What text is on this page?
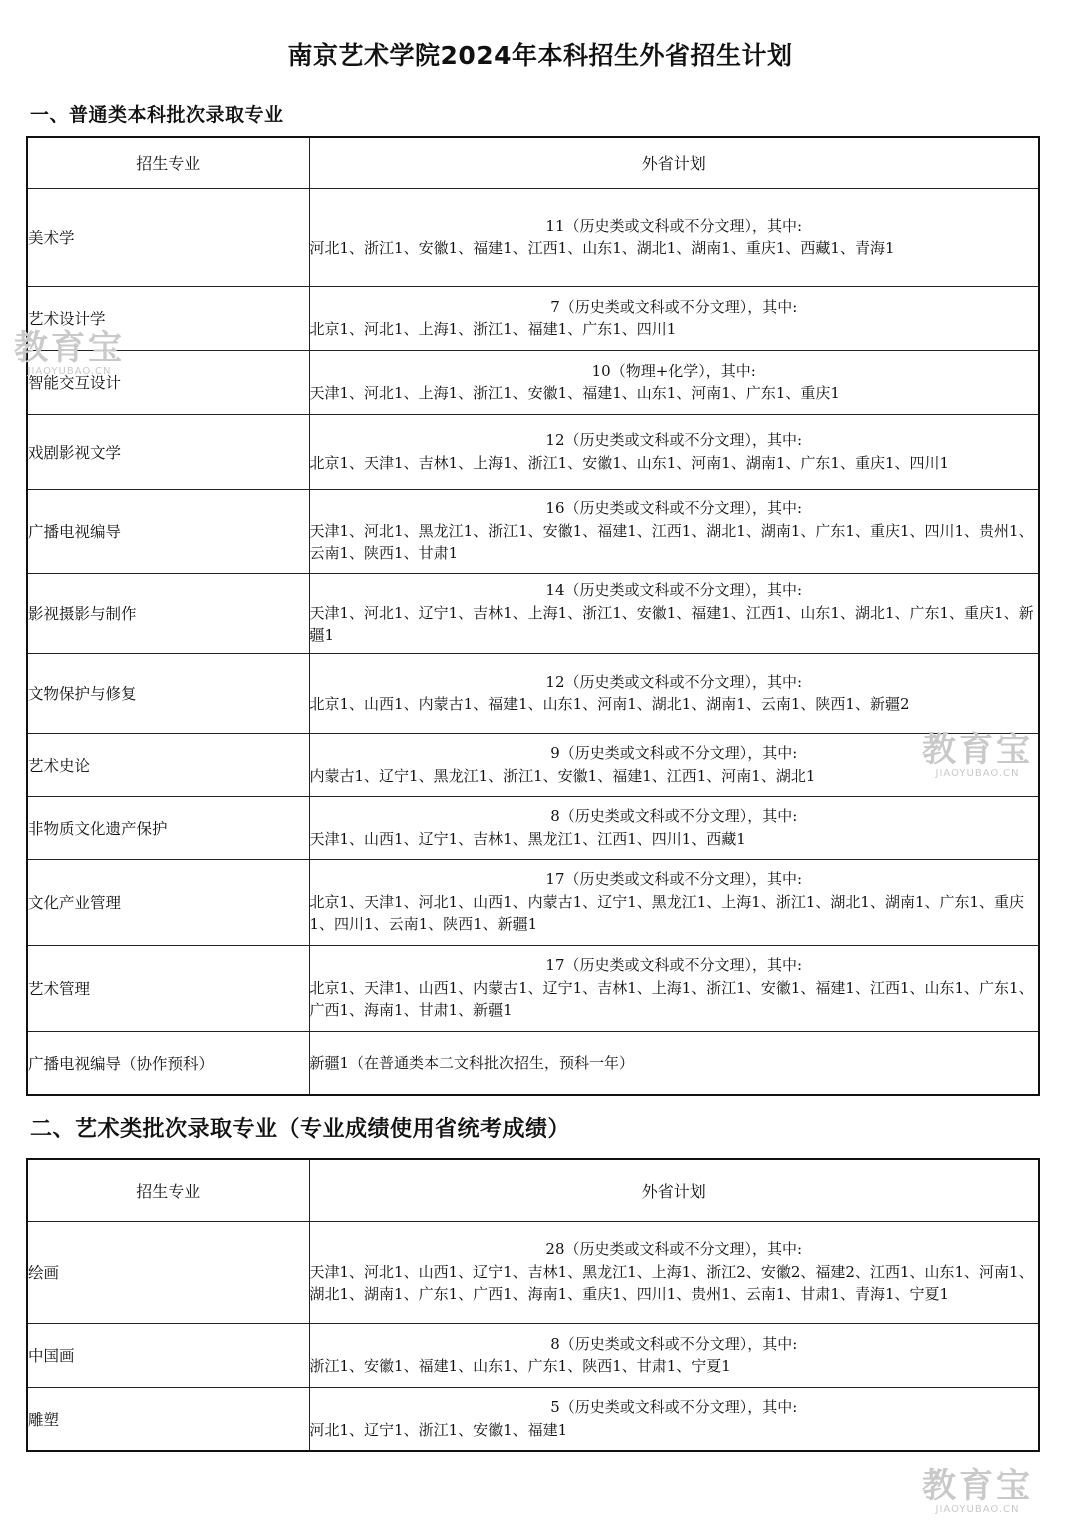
南京艺术学院2024年本科招生外省招生计划
一、普通类本科批次录取专业
招生专业	外省计划
美术学	11（历史类或文科或不分文理），其中:
河北1、浙江1、安徽1、福建1、江西1、山东1、湖北1、湖南1、重庆1、西藏1、青海1

艺术设计学	7（历史类或文科或不分文理），其中:
北京1、河北1、上海1、浙江1、福建1、广东1、四川1

智能交互设计	10（物理+化学），其中:
天津1、河北1、上海1、浙江1、安徽1、福建1、山东1、河南1、广东1、重庆1

戏剧影视文学	12（历史类或文科或不分文理），其中:
北京1、天津1、吉林1、上海1、浙江1、安徽1、山东1、河南1、湖南1、广东1、重庆1、四川1

广播电视编导	16（历史类或文科或不分文理），其中:
天津1、河北1、黑龙江1、浙江1、安徽1、福建1、江西1、湖北1、湖南1、广东1、重庆1、四川1、贵州1、云南1、陕西1、甘肃1

影视摄影与制作	14（历史类或文科或不分文理），其中:
天津1、河北1、辽宁1、吉林1、上海1、浙江1、安徽1、福建1、江西1、山东1、湖北1、广东1、重庆1、新疆1

文物保护与修复	12（历史类或文科或不分文理），其中:
北京1、山西1、内蒙古1、福建1、山东1、河南1、湖北1、湖南1、云南1、陕西1、新疆2

艺术史论	9（历史类或文科或不分文理），其中:
内蒙古1、辽宁1、黑龙江1、浙江1、安徽1、福建1、江西1、河南1、湖北1

非物质文化遗产保护	8（历史类或文科或不分文理），其中:
天津1、山西1、辽宁1、吉林1、黑龙江1、江西1、四川1、西藏1

文化产业管理	17（历史类或文科或不分文理），其中:
北京1、天津1、河北1、山西1、内蒙古1、辽宁1、黑龙江1、上海1、浙江1、湖北1、湖南1、广东1、重庆1、四川1、云南1、陕西1、新疆1

艺术管理	17（历史类或文科或不分文理），其中:
北京1、天津1、山西1、内蒙古1、辽宁1、吉林1、上海1、浙江1、安徽1、福建1、江西1、山东1、广东1、广西1、海南1、甘肃1、新疆1

广播电视编导（协作预科）	新疆1（在普通类本二文科批次招生，预科一年）
二、艺术类批次录取专业（专业成绩使用省统考成绩）
招生专业	外省计划
绘画	28（历史类或文科或不分文理），其中:
天津1、河北1、山西1、辽宁1、吉林1、黑龙江1、上海1、浙江2、安徽2、福建2、江西1、山东1、河南1、湖北1、湖南1、广东1、广西1、海南1、重庆1、四川1、贵州1、云南1、甘肃1、青海1、宁夏1

中国画	8（历史类或文科或不分文理），其中:
浙江1、安徽1、福建1、山东1、广东1、陕西1、甘肃1、宁夏1

雕塑	5（历史类或文科或不分文理），其中:
河北1、辽宁1、浙江1、安徽1、福建1
教育宝
JIAOYUBAO.CN
教育宝
JIAOYUBAO.CN
教育宝
JIAOYUBAO.CN
